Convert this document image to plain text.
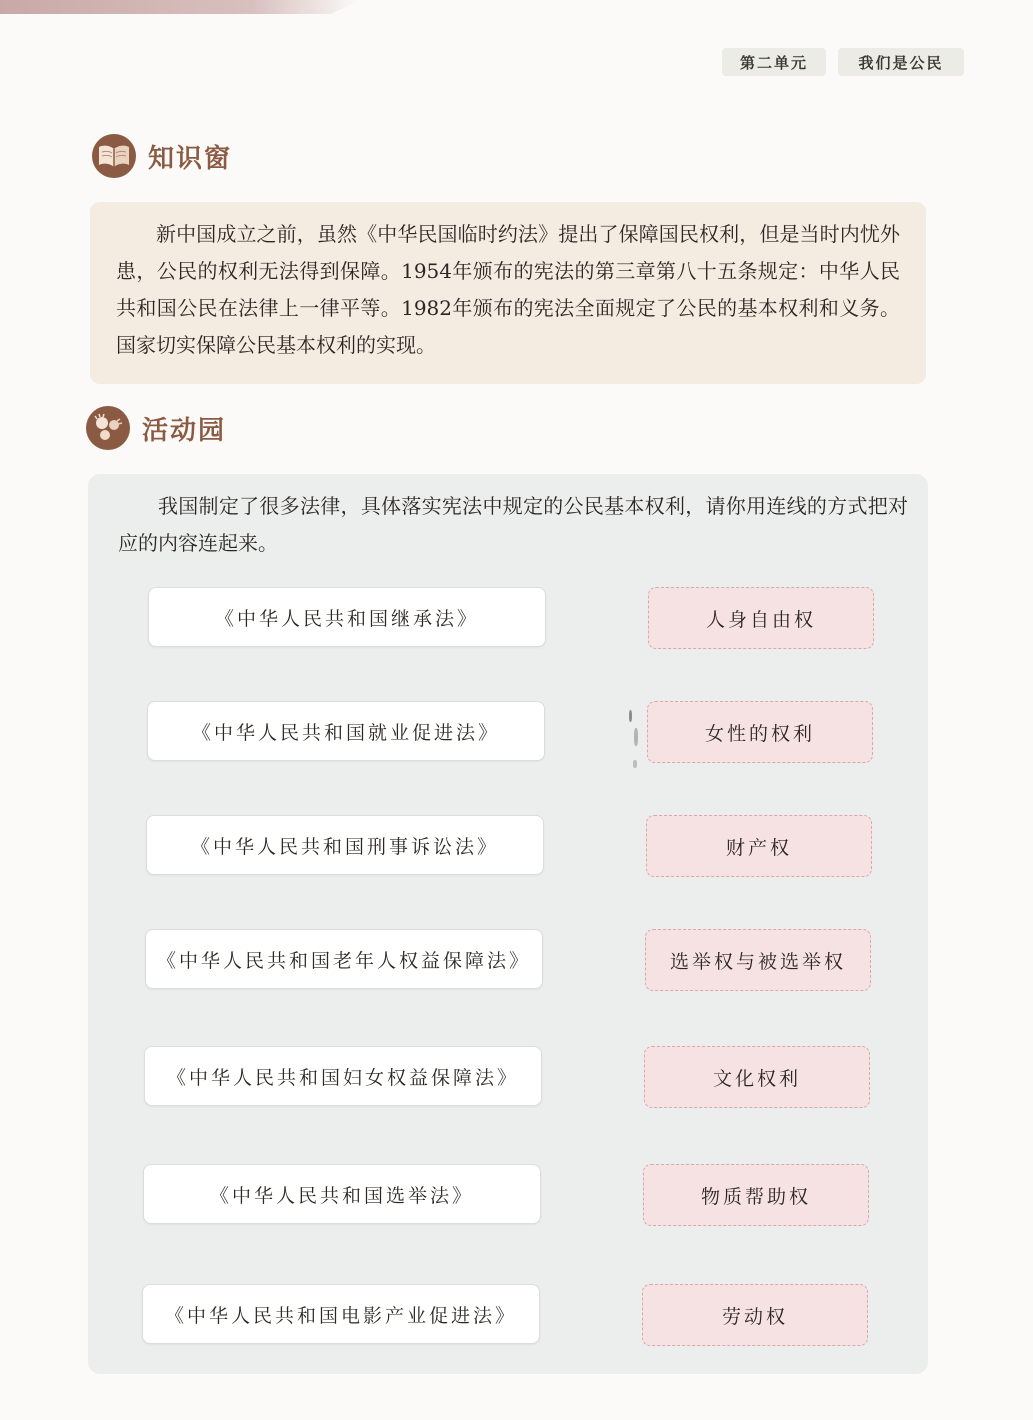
第二单元	我们是公民
知识窗
新中国成立之前，虽然《中华民国临时约法》提出了保障国民权利，但是当时内忧外患，公民的权利无法得到保障。1954年颁布的宪法的第三章第八十五条规定：中华人民共和国公民在法律上一律平等。1982年颁布的宪法全面规定了公民的基本权利和义务。国家切实保障公民基本权利的实现。
活动园
我国制定了很多法律，具体落实宪法中规定的公民基本权利，请你用连线的方式把对应的内容连起来。
《中华人民共和国继承法》
《中华人民共和国就业促进法》
《中华人民共和国刑事诉讼法》
《中华人民共和国老年人权益保障法》
《中华人民共和国妇女权益保障法》
《中华人民共和国选举法》
《中华人民共和国电影产业促进法》
人身自由权
女性的权利
财产权
选举权与被选举权
文化权利
物质帮助权
劳动权
